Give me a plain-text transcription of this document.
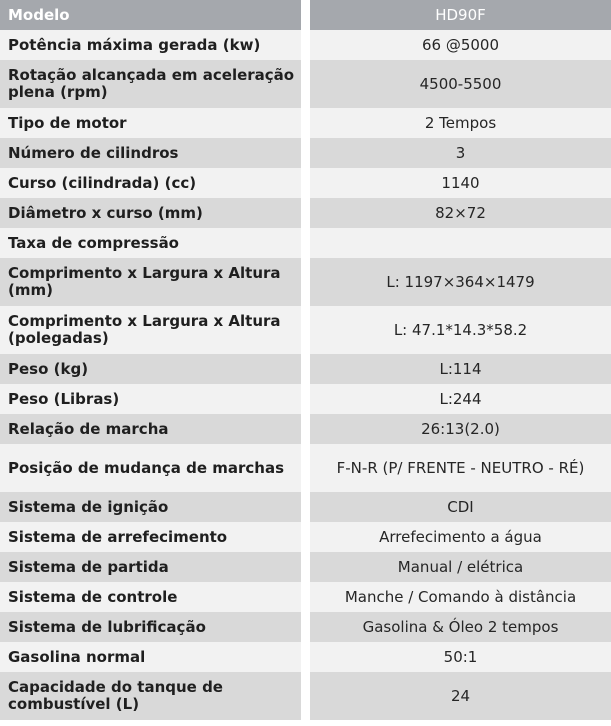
Modelo	HD90F
Potência máxima gerada (kw)	66 @5000
Rotação alcançada em aceleração plena (rpm)	4500-5500
Tipo de motor	2 Tempos
Número de cilindros	3
Curso (cilindrada) (cc)	1140
Diâmetro x curso (mm)	82×72
Taxa de compressão
Comprimento x Largura x Altura (mm)	L: 1197×364×1479
Comprimento x Largura x Altura (polegadas)	L: 47.1*14.3*58.2
Peso (kg)	L:114
Peso (Libras)	L:244
Relação de marcha	26:13(2.0)
Posição de mudança de marchas	F-N-R (P/ FRENTE - NEUTRO - RÉ)
Sistema de ignição	CDI
Sistema de arrefecimento	Arrefecimento a água
Sistema de partida	Manual / elétrica
Sistema de controle	Manche / Comando à distância
Sistema de lubrificação	Gasolina & Óleo 2 tempos
Gasolina normal	50:1
Capacidade do tanque de combustível (L)	24
